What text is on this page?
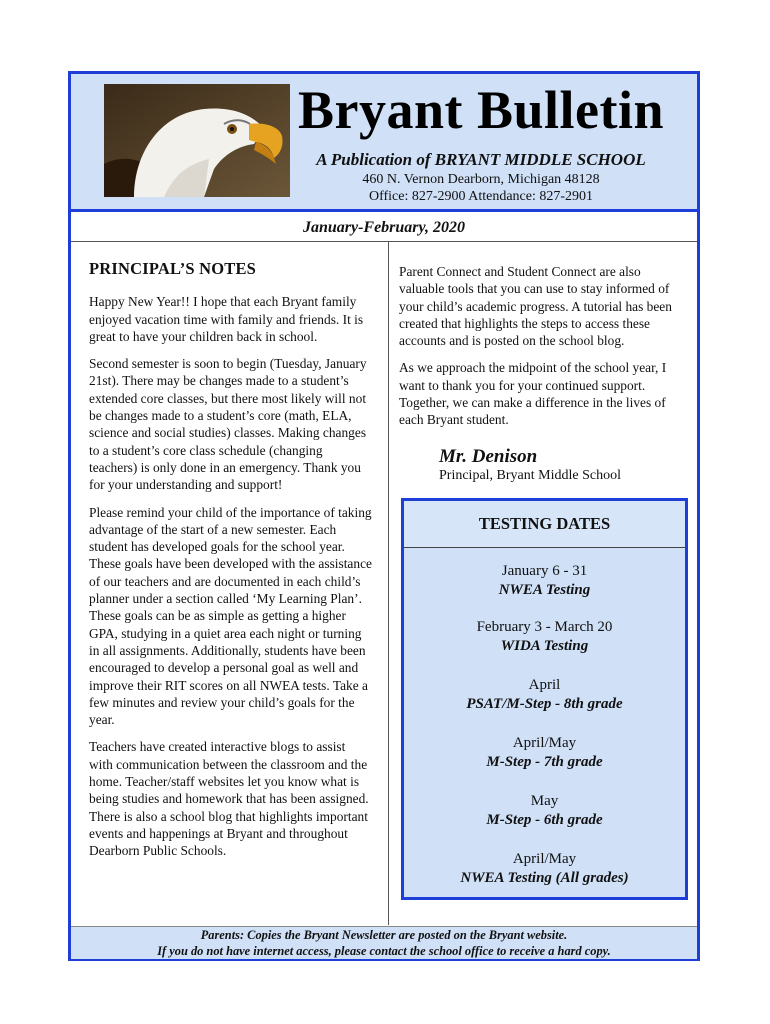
Bryant Bulletin
A Publication of BRYANT MIDDLE SCHOOL
460 N. Vernon Dearborn, Michigan 48128
Office: 827-2900 Attendance: 827-2901
January-February, 2020
PRINCIPAL’S NOTES

Happy New Year!! I hope that each Bryant family enjoyed vacation time with family and friends. It is great to have your children back in school.

Second semester is soon to begin (Tuesday, January 21st). There may be changes made to a student’s extended core classes, but there most likely will not be changes made to a student’s core (math, ELA, science and social studies) classes. Making changes to a student’s core class schedule (changing teachers) is only done in an emergency. Thank you for your understanding and support!

Please remind your child of the importance of taking advantage of the start of a new semester. Each student has developed goals for the school year. These goals have been developed with the assistance of our teachers and are documented in each child’s planner under a section called ‘My Learning Plan’. These goals can be as simple as getting a higher GPA, studying in a quiet area each night or turning in all assignments. Additionally, students have been encouraged to develop a personal goal as well and improve their RIT scores on all NWEA tests. Take a few minutes and review your child’s goals for the year.

Teachers have created interactive blogs to assist with communication between the classroom and the home. Teacher/staff websites let you know what is being studies and homework that has been assigned. There is also a school blog that highlights important events and happenings at Bryant and throughout Dearborn Public Schools.

Parent Connect and Student Connect are also valuable tools that you can use to stay informed of your child’s academic progress. A tutorial has been created that highlights the steps to access these accounts and is posted on the school blog.

As we approach the midpoint of the school year, I want to thank you for your continued support. Together, we can make a difference in the lives of each Bryant student.

Mr. Denison
Principal, Bryant Middle School
TESTING DATES
January 6 - 31
NWEA Testing
February 3 - March 20
WIDA Testing
April
PSAT/M-Step - 8th grade
April/May
M-Step - 7th grade
May
M-Step - 6th grade
April/May
NWEA Testing (All grades)
Parents: Copies the Bryant Newsletter are posted on the Bryant website.
If you do not have internet access, please contact the school office to receive a hard copy.
